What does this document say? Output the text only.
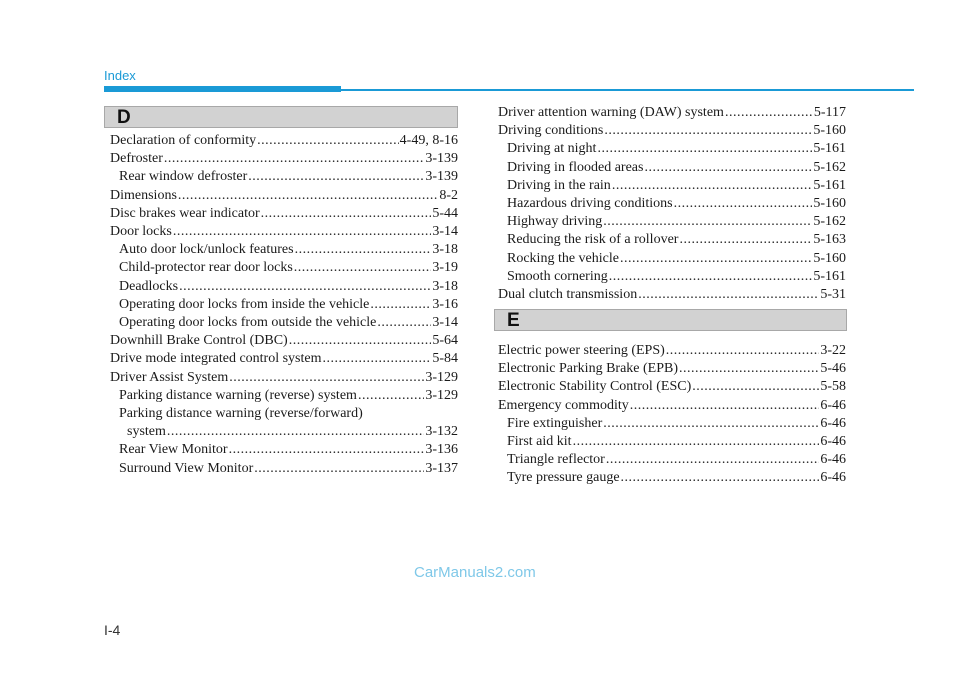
Index
D
Declaration of conformity .....	4-49, 8-16
Defroster .....	3-139
Rear window defroster .....	3-139
Dimensions .....	8-2
Disc brakes wear indicator .....	5-44
Door locks .....	3-14
Auto door lock/unlock features .....	3-18
Child-protector rear door locks .....	3-19
Deadlocks .....	3-18
Operating door locks from inside the vehicle .....	3-16
Operating door locks from outside the vehicle .....	3-14
Downhill Brake Control (DBC) .....	5-64
Drive mode integrated control system .....	5-84
Driver Assist System .....	3-129
Parking distance warning (reverse) system .....	3-129
Parking distance warning (reverse/forward)
system .....	3-132
Rear View Monitor .....	3-136
Surround View Monitor .....	3-137
Driver attention warning (DAW) system .....	5-117
Driving conditions .....	5-160
Driving at night .....	5-161
Driving in flooded areas .....	5-162
Driving in the rain .....	5-161
Hazardous driving conditions .....	5-160
Highway driving .....	5-162
Reducing the risk of a rollover .....	5-163
Rocking the vehicle .....	5-160
Smooth cornering .....	5-161
Dual clutch transmission .....	5-31
E
Electric power steering (EPS) .....	3-22
Electronic Parking Brake (EPB) .....	5-46
Electronic Stability Control (ESC) .....	5-58
Emergency commodity .....	6-46
Fire extinguisher .....	6-46
First aid kit .....	6-46
Triangle reflector .....	6-46
Tyre pressure gauge .....	6-46
CarManuals2.com
I-4
